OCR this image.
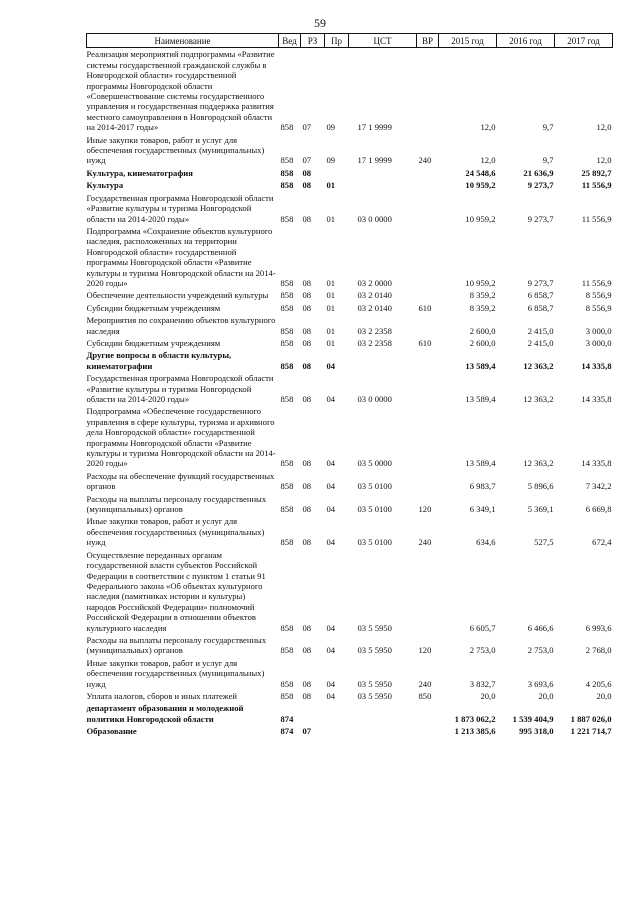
59
Наименование	Вед	РЗ	Пр	ЦСТ	ВР	2015 год	2016 год	2017 год
Реализация мероприятий подпрограммы «Развитие системы государственной гражданской службы в Новгородской области» государственной программы Новгородской области «Совершенствование системы государственного управления и государственная поддержка развития местного самоуправления в Новгородской области на 2014-2017 годы»	858	07	09	17 1 9999		12,0	9,7	12,0
Иные закупки товаров, работ и услуг для обеспечения государственных (муниципальных) нужд	858	07	09	17 1 9999	240	12,0	9,7	12,0
Культура, кинематография	858	08				24 548,6	21 636,9	25 892,7
Культура	858	08	01			10 959,2	9 273,7	11 556,9
Государственная программа Новгородской области «Развитие культуры и туризма Новгородской области на 2014-2020 годы»	858	08	01	03 0 0000		10 959,2	9 273,7	11 556,9
Подпрограмма «Сохранение объектов культурного наследия, расположенных на территории Новгородской области» государственной программы Новгородской области «Развитие культуры и туризма Новгородской области на 2014-2020 годы»	858	08	01	03 2 0000		10 959,2	9 273,7	11 556,9
Обеспечение деятельности учреждений культуры	858	08	01	03 2 0140		8 359,2	6 858,7	8 556,9
Субсидии бюджетным учреждениям	858	08	01	03 2 0140	610	8 359,2	6 858,7	8 556,9
Мероприятия по сохранению объектов культурного наследия	858	08	01	03 2 2358		2 600,0	2 415,0	3 000,0
Субсидии бюджетным учреждениям	858	08	01	03 2 2358	610	2 600,0	2 415,0	3 000,0
Другие вопросы в области культуры, кинематографии	858	08	04			13 589,4	12 363,2	14 335,8
Государственная программа Новгородской области «Развитие культуры и туризма Новгородской области на 2014-2020 годы»	858	08	04	03 0 0000		13 589,4	12 363,2	14 335,8
Подпрограмма «Обеспечение государственного управления в сфере культуры, туризма и архивного дела Новгородской области» государственной программы Новгородской области «Развитие культуры и туризма Новгородской области на 2014-2020 годы»	858	08	04	03 5 0000		13 589,4	12 363,2	14 335,8
Расходы на обеспечение функций государственных органов	858	08	04	03 5 0100		6 983,7	5 896,6	7 342,2
Расходы на выплаты персоналу государственных (муниципальных) органов	858	08	04	03 5 0100	120	6 349,1	5 369,1	6 669,8
Иные закупки товаров, работ и услуг для обеспечения государственных (муниципальных) нужд	858	08	04	03 5 0100	240	634,6	527,5	672,4
Осуществление переданных органам государственной власти субъектов Российской Федерации в соответствии с пунктом 1 статьи 91 Федерального закона «Об объектах культурного наследия (памятниках истории и культуры) народов Российской Федерации» полномочий Российской Федерации в отношении объектов культурного наследия	858	08	04	03 5 5950		6 605,7	6 466,6	6 993,6
Расходы на выплаты персоналу государственных (муниципальных) органов	858	08	04	03 5 5950	120	2 753,0	2 753,0	2 768,0
Иные закупки товаров, работ и услуг для обеспечения государственных (муниципальных) нужд	858	08	04	03 5 5950	240	3 832,7	3 693,6	4 205,6
Уплата налогов, сборов и иных платежей	858	08	04	03 5 5950	850	20,0	20,0	20,0
департамент образования и молодежной политики Новгородской области	874					1 873 062,2	1 539 404,9	1 887 026,0
Образование	874	07				1 213 385,6	995 318,0	1 221 714,7
